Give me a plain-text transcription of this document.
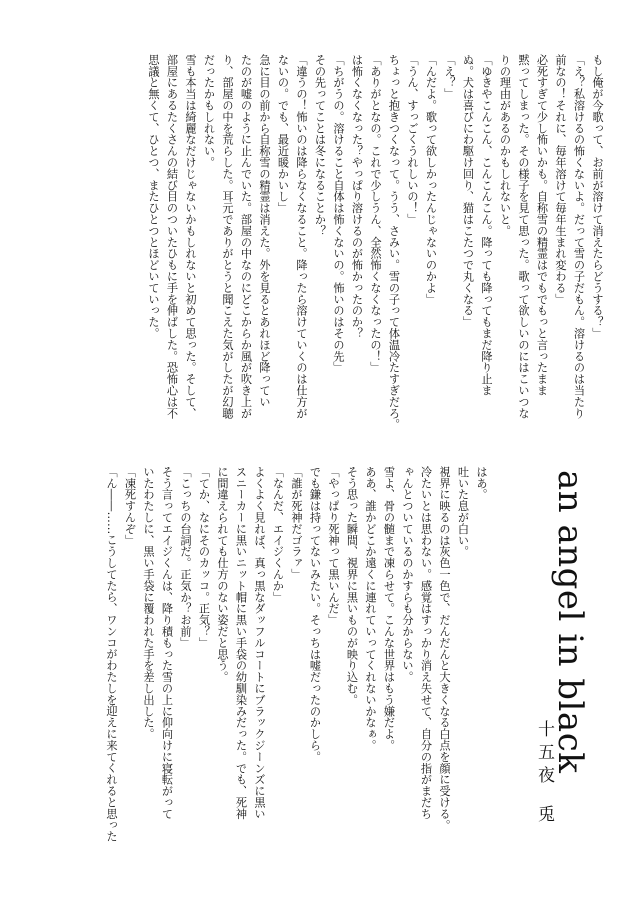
もし俺が今歌って、お前が溶けて消えたらどうする？」
「え？私溶けるの怖くないよ。だって雪の子だもん。溶けるのは当たり
前なの！それに、毎年溶けて毎年生まれ変わる」
必死すぎて少し怖いかも。自称雪の精霊はでもでもっと言ったまま
黙ってしまった。その様子を見て思った。歌って欲しいのにはこいつな
りの理由があるのかもしれないと。
「ゆきやこんこん、こんこんこん。降っても降ってもまだ降り止ま
ぬ。犬は喜びにわ駆け回り、猫はこたつで丸くなる」
「え？」
「んだよ。歌って欲しかったんじゃないのかよ」
「うん、すっごくうれしいの！」
ちょっと抱きつくなって。うう、さみい。雪の子って体温冷たすぎだろ。
「ありがとなの。これで少しうん、全然怖くなくなったの！」
は怖くなくなった？やっぱり溶けるのが怖かったのか？
「ちがうの。溶けること自体は怖くないの。怖いのはその先」
その先ってことは冬になることか？
「違うの！怖いのは降らなくなること。降ったら溶けていくのは仕方が
ないの。でも、最近暖かいし」
急に目の前から自称雪の精霊は消えた。外を見るとあれほど降ってい
たのが嘘のように止んでいた。部屋の中なのにどこからか風が吹き上が
り、部屋の中を荒らした。耳元でありがとうと聞こえた気がしたが幻聴
だったかもしれない。
雪も本当は綺麗なだけじゃないかもしれないと初めて思った。そして、
部屋にあるたくさんの結び目のついたひもに手を伸ばした。恐怖心は不
思議と無くて、ひとつ、またひとつとほどいていった。
an angel in black
十五夜兎
はあ。
吐いた息が白い。
視界に映るのは灰色一色で、だんだんと大きくなる白点を顔に受ける。
冷たいとは思わない。感覚はすっかり消え失せて、自分の指がまだち
ゃんとついているのかすらも分からない。
雪よ、骨の髄まで凍らせて。こんな世界はもう嫌だよ。
ああ、誰かどこか遠くに連れていってくれないかなぁ。
そう思った瞬間、視界に黒いものが映り込む。
「やっぱり死神って黒いんだ」
でも鎌は持ってないみたい。そっちは嘘だったのかしら。
「誰が死神だゴラァ」
「なんだ、エイジくんか」
よくよく見れば、真っ黒なダッフルコートにブラックジーンズに黒い
スニーカーに黒いニット帽に黒い手袋の幼馴染みだった。でも、死神
に間違えられても仕方のない姿だと思う。
「てか、なにそのカッコ。正気？」
「こっちの台詞だ。正気か？お前」
そう言ってエイジくんは、降り積もった雪の上に仰向けに寝転がって
いたわたしに、黒い手袋に覆われた手を差し出した。
「凍死すんぞ」
「ん――……こうしてたら、ワンコがわたしを迎えに来てくれると思った
